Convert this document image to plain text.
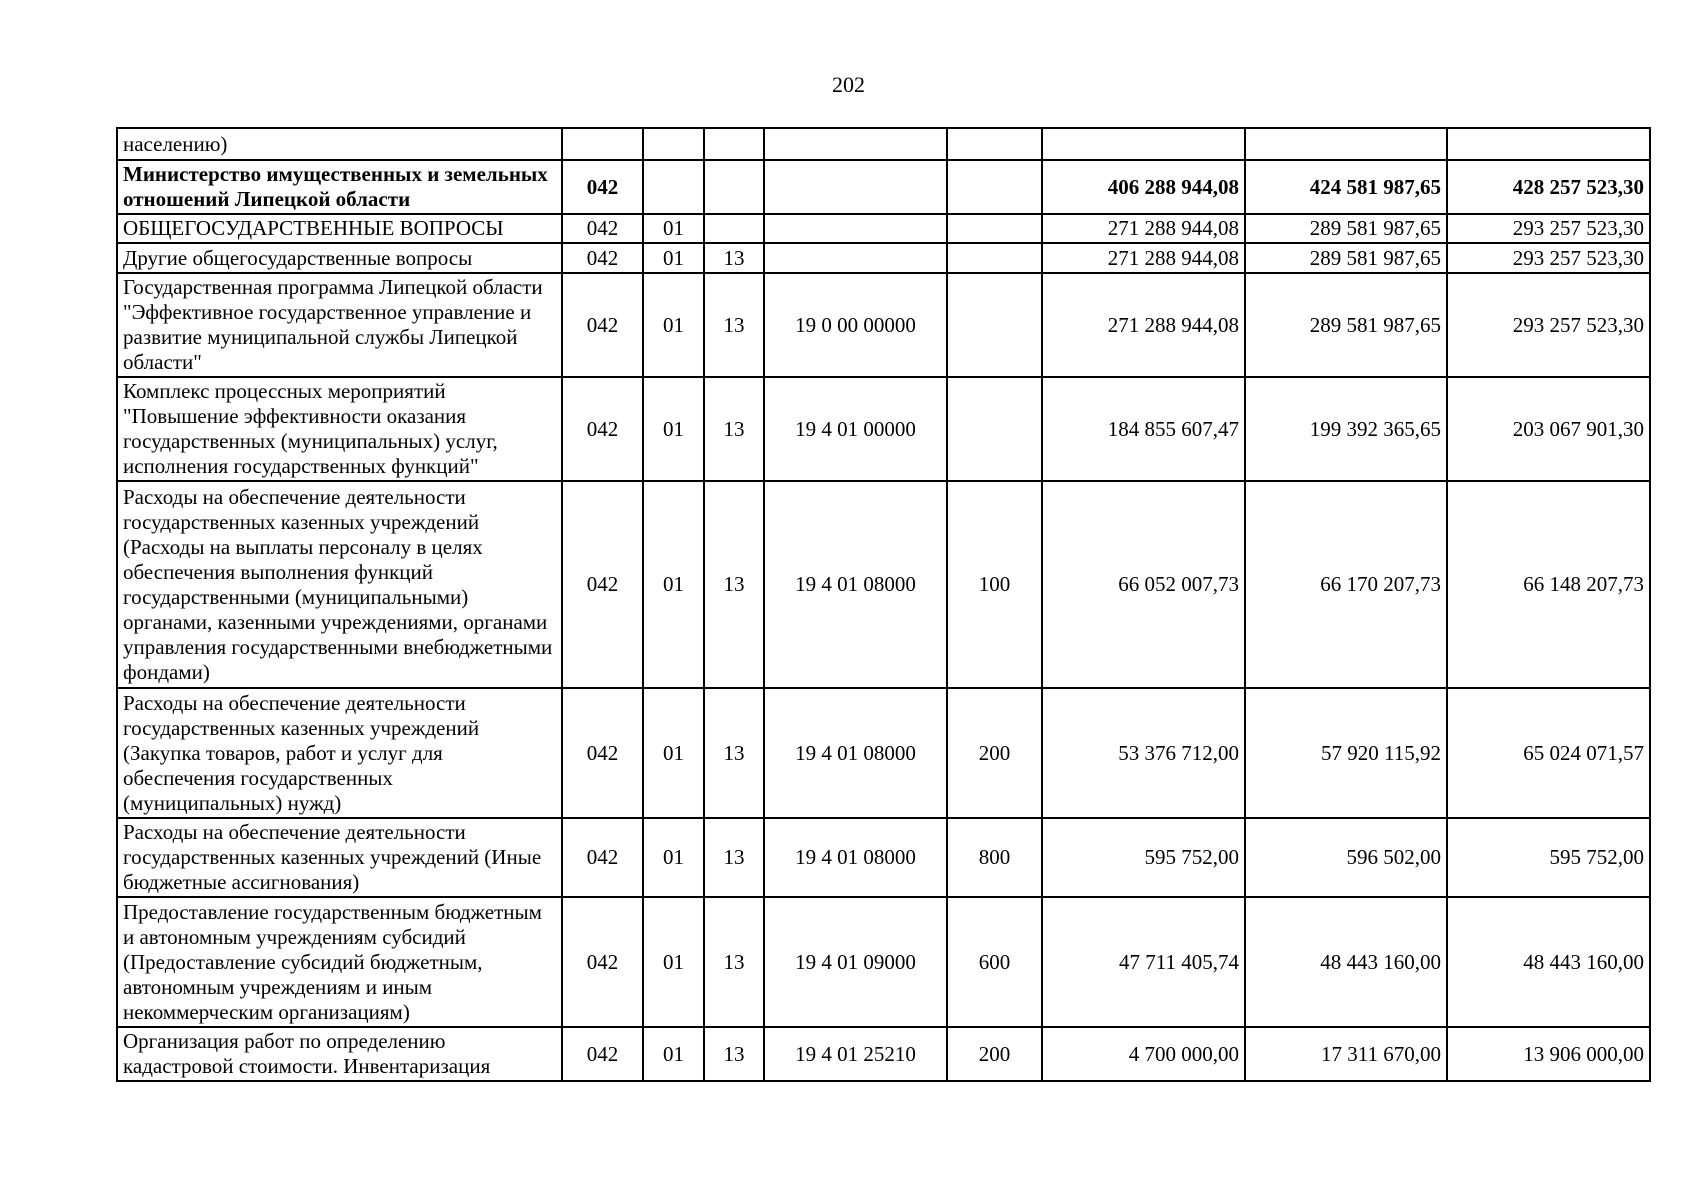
202
населению)								
Министерство имущественных и земельных отношений Липецкой области	042					406 288 944,08	424 581 987,65	428 257 523,30
ОБЩЕГОСУДАРСТВЕННЫЕ ВОПРОСЫ	042	01				271 288 944,08	289 581 987,65	293 257 523,30
Другие общегосударственные вопросы	042	01	13			271 288 944,08	289 581 987,65	293 257 523,30
Государственная программа Липецкой области "Эффективное государственное управление и развитие муниципальной службы Липецкой области"	042	01	13	19 0 00 00000		271 288 944,08	289 581 987,65	293 257 523,30
Комплекс процессных мероприятий "Повышение эффективности оказания государственных (муниципальных) услуг, исполнения государственных функций"	042	01	13	19 4 01 00000		184 855 607,47	199 392 365,65	203 067 901,30
Расходы на обеспечение деятельности государственных казенных учреждений (Расходы на выплаты персоналу в целях обеспечения выполнения функций государственными (муниципальными) органами, казенными учреждениями, органами управления государственными внебюджетными фондами)	042	01	13	19 4 01 08000	100	66 052 007,73	66 170 207,73	66 148 207,73
Расходы на обеспечение деятельности государственных казенных учреждений (Закупка товаров, работ и услуг для обеспечения государственных (муниципальных) нужд)	042	01	13	19 4 01 08000	200	53 376 712,00	57 920 115,92	65 024 071,57
Расходы на обеспечение деятельности государственных казенных учреждений (Иные бюджетные ассигнования)	042	01	13	19 4 01 08000	800	595 752,00	596 502,00	595 752,00
Предоставление государственным бюджетным и автономным учреждениям субсидий (Предоставление субсидий бюджетным, автономным учреждениям и иным некоммерческим организациям)	042	01	13	19 4 01 09000	600	47 711 405,74	48 443 160,00	48 443 160,00
Организация работ по определению кадастровой стоимости. Инвентаризация	042	01	13	19 4 01 25210	200	4 700 000,00	17 311 670,00	13 906 000,00
